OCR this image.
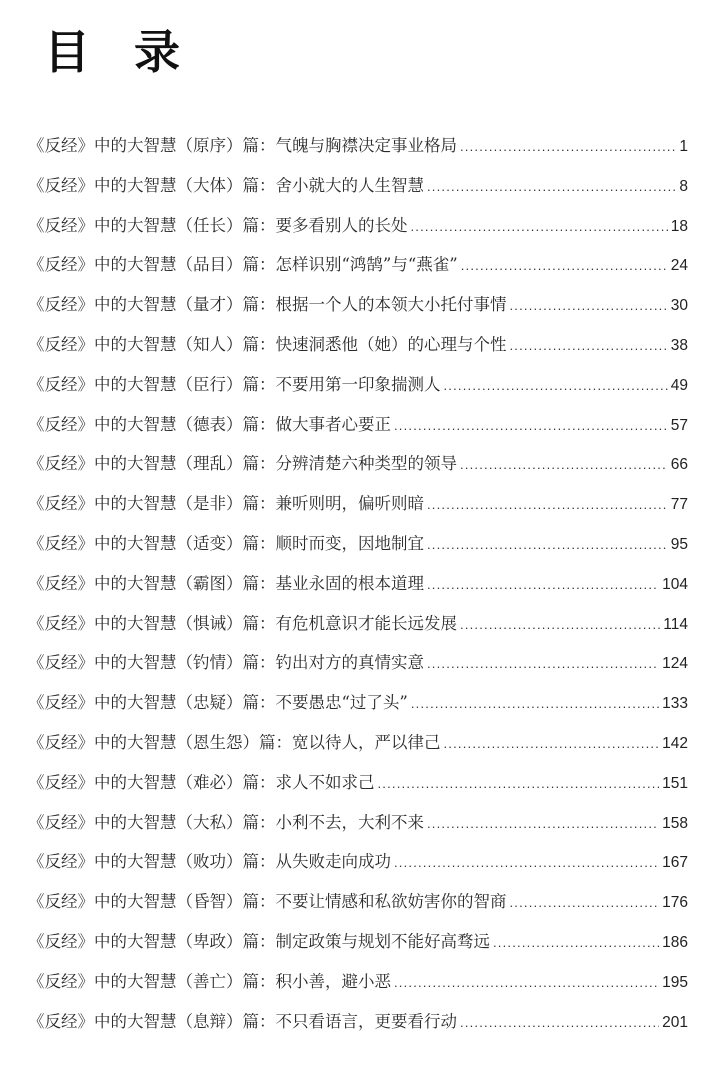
目 录
《反经》中的大智慧（原序）篇：气魄与胸襟决定事业格局 .....	1
《反经》中的大智慧（大体）篇：舍小就大的人生智慧 .....	8
《反经》中的大智慧（任长）篇：要多看别人的长处 .....	18
《反经》中的大智慧（品目）篇：怎样识别“鸿鹄”与“燕雀” .....	24
《反经》中的大智慧（量才）篇：根据一个人的本领大小托付事情 .....	30
《反经》中的大智慧（知人）篇：快速洞悉他（她）的心理与个性 .....	38
《反经》中的大智慧（臣行）篇：不要用第一印象揣测人 .....	49
《反经》中的大智慧（德表）篇：做大事者心要正 .....	57
《反经》中的大智慧（理乱）篇：分辨清楚六种类型的领导 .....	66
《反经》中的大智慧（是非）篇：兼听则明，偏听则暗 .....	77
《反经》中的大智慧（适变）篇：顺时而变，因地制宜 .....	95
《反经》中的大智慧（霸图）篇：基业永固的根本道理 .....	104
《反经》中的大智慧（惧诫）篇：有危机意识才能长远发展 .....	114
《反经》中的大智慧（钓情）篇：钓出对方的真情实意 .....	124
《反经》中的大智慧（忠疑）篇：不要愚忠“过了头” .....	133
《反经》中的大智慧（恩生怨）篇：宽以待人，严以律己 .....	142
《反经》中的大智慧（难必）篇：求人不如求己 .....	151
《反经》中的大智慧（大私）篇：小利不去，大利不来 .....	158
《反经》中的大智慧（败功）篇：从失败走向成功 .....	167
《反经》中的大智慧（昏智）篇：不要让情感和私欲妨害你的智商 .....	176
《反经》中的大智慧（卑政）篇：制定政策与规划不能好高骛远 .....	186
《反经》中的大智慧（善亡）篇：积小善，避小恶 .....	195
《反经》中的大智慧（息辩）篇：不只看语言，更要看行动 .....	201
